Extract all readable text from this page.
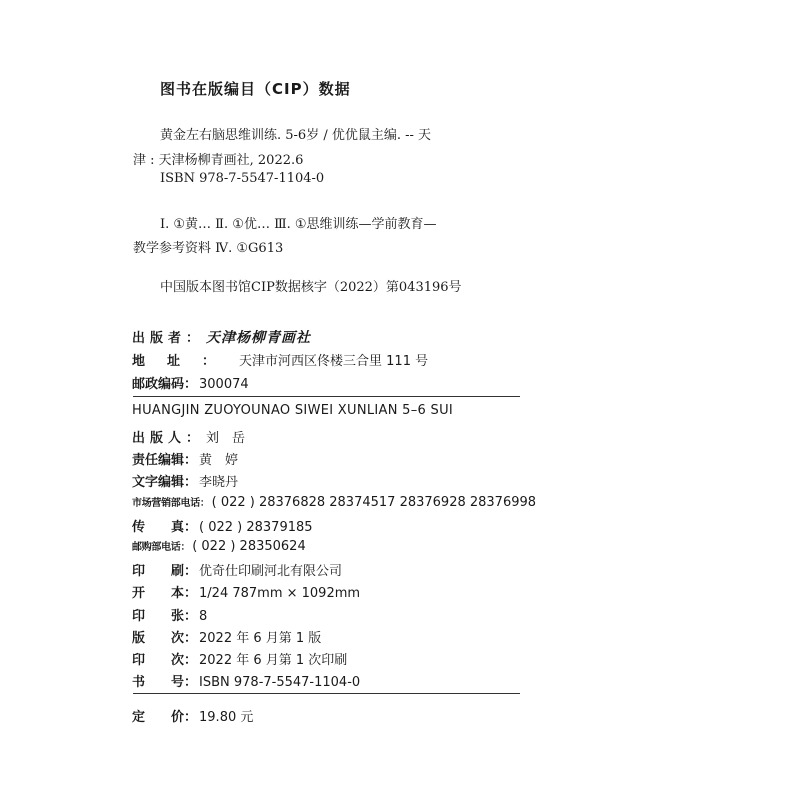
图书在版编目（CIP）数据
黄金左右脑思维训练. 5-6岁 / 优优鼠主编. -- 天
津 : 天津杨柳青画社, 2022.6
ISBN 978-7-5547-1104-0
Ⅰ. ①黄… Ⅱ. ①优… Ⅲ. ①思维训练—学前教育—
教学参考资料 Ⅳ. ①G613
中国版本图书馆CIP数据核字（2022）第043196号
出版者： 天津杨柳青画社
地址： 天津市河西区佟楼三合里 111 号
邮政编码： 300074
HUANGJIN ZUOYOUNAO SIWEI XUNLIAN 5–6 SUI
出版人： 刘　岳
责任编辑： 黄　婷
文字编辑： 李晓丹
市场营销部电话： ( 022 ) 28376828 28374517 28376928 28376998
传　　真： ( 022 ) 28379185
邮购部电话： ( 022 ) 28350624
印　　刷： 优奇仕印刷河北有限公司
开　　本： 1/24 787mm × 1092mm
印　　张： 8
版　　次： 2022 年 6 月第 1 版
印　　次： 2022 年 6 月第 1 次印刷
书　　号： ISBN 978-7-5547-1104-0
定　　价： 19.80 元
